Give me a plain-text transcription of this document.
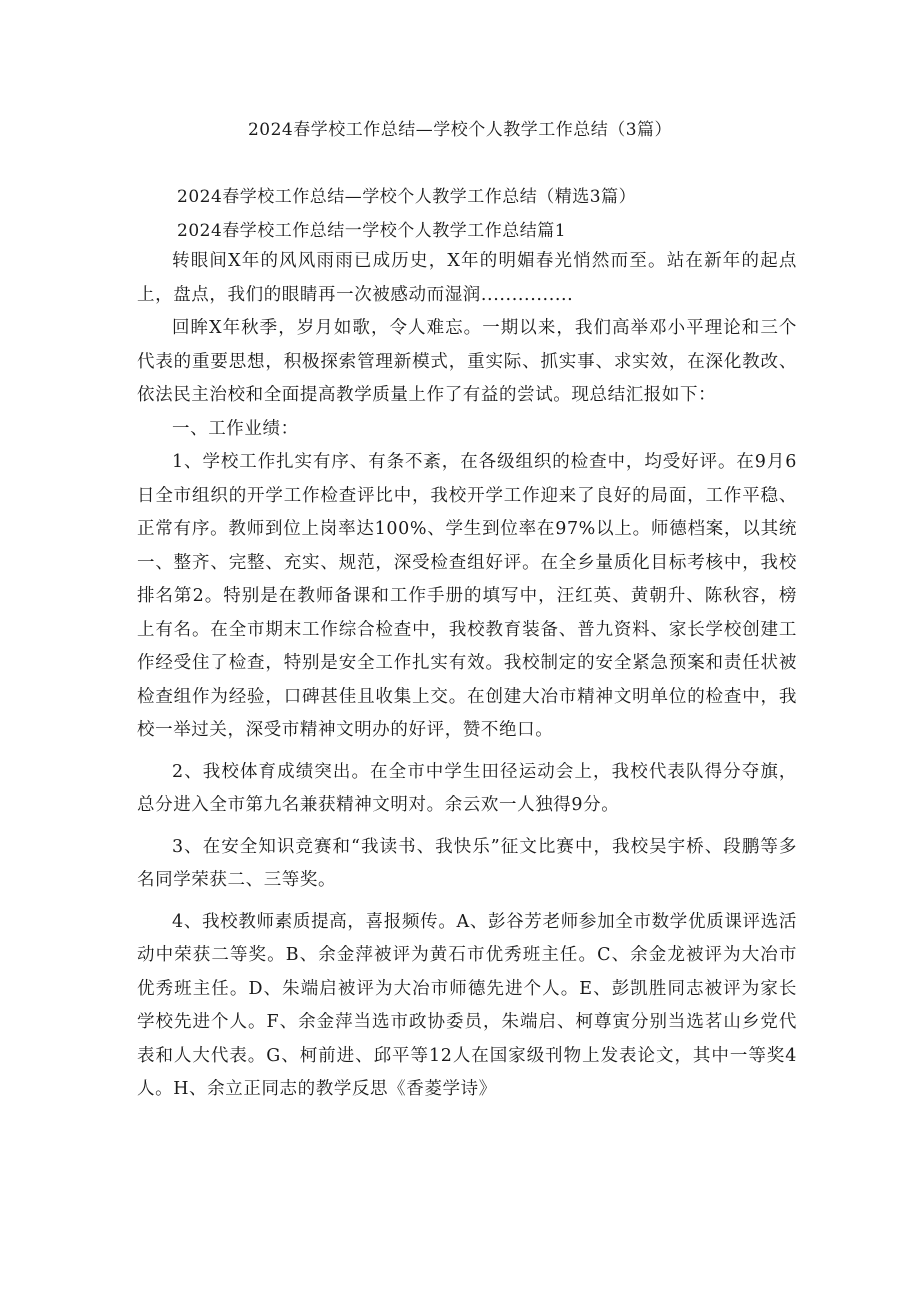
2024春学校工作总结—学校个人教学工作总结（3篇）
2024春学校工作总结—学校个人教学工作总结（精选3篇）
2024春学校工作总结一学校个人教学工作总结篇1

转眼间X年的风风雨雨已成历史，X年的明媚春光悄然而至。站在新年的起点上，盘点，我们的眼睛再一次被感动而湿润...............

回眸X年秋季，岁月如歌，令人难忘。一期以来，我们高举邓小平理论和三个代表的重要思想，积极探索管理新模式，重实际、抓实事、求实效，在深化教改、依法民主治校和全面提高教学质量上作了有益的尝试。现总结汇报如下：

一、工作业绩：

1、学校工作扎实有序、有条不紊，在各级组织的检查中，均受好评。在9月6日全市组织的开学工作检查评比中，我校开学工作迎来了良好的局面，工作平稳、正常有序。教师到位上岗率达100%、学生到位率在97%以上。师德档案，以其统一、整齐、完整、充实、规范，深受检查组好评。在全乡量质化目标考核中，我校排名第2。特别是在教师备课和工作手册的填写中，汪红英、黄朝升、陈秋容，榜上有名。在全市期末工作综合检查中，我校教育装备、普九资料、家长学校创建工作经受住了检查，特别是安全工作扎实有效。我校制定的安全紧急预案和责任状被检查组作为经验，口碑甚佳且收集上交。在创建大冶市精神文明单位的检查中，我校一举过关，深受市精神文明办的好评，赞不绝口。

2、我校体育成绩突出。在全市中学生田径运动会上，我校代表队得分夺旗，总分进入全市第九名兼获精神文明对。余云欢一人独得9分。

3、在安全知识竞赛和“我读书、我快乐”征文比赛中，我校吴宇桥、段鹏等多名同学荣获二、三等奖。

4、我校教师素质提高，喜报频传。A、彭谷芳老师参加全市数学优质课评选活动中荣获二等奖。B、余金萍被评为黄石市优秀班主任。C、余金龙被评为大冶市优秀班主任。D、朱端启被评为大冶市师德先进个人。E、彭凯胜同志被评为家长学校先进个人。F、余金萍当选市政协委员，朱端启、柯尊寅分别当选茗山乡党代表和人大代表。G、柯前进、邱平等12人在国家级刊物上发表论文，其中一等奖4人。H、余立正同志的教学反思《香菱学诗》
